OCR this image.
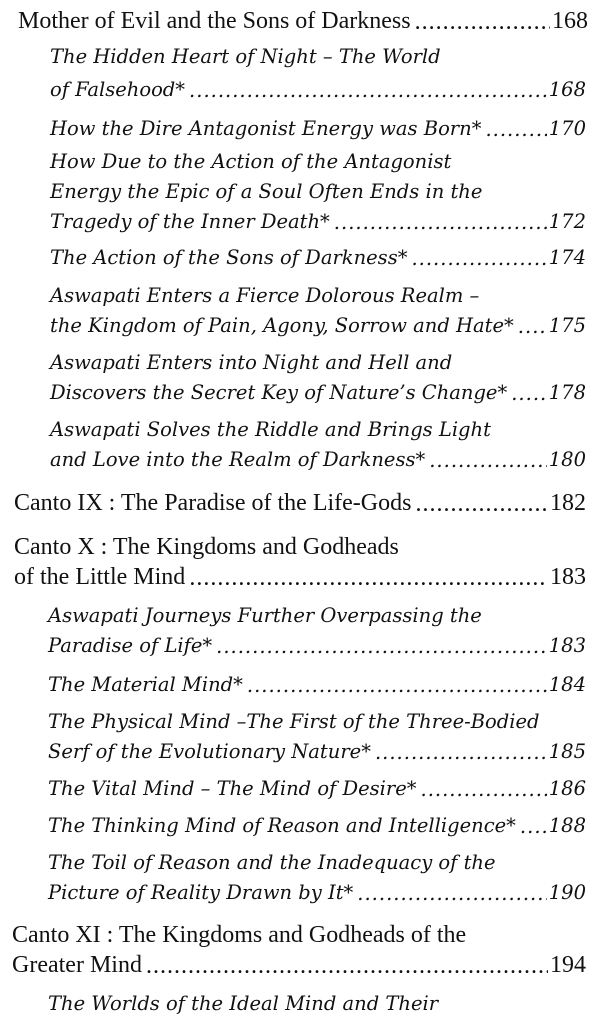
Mother of Evil and the Sons of Darkness .....	168
The Hidden Heart of Night – The World
of Falsehood* .....	168
How the Dire Antagonist Energy was Born* .....	170
How Due to the Action of the Antagonist
Energy the Epic of a Soul Often Ends in the
Tragedy of the Inner Death* .....	172
The Action of the Sons of Darkness* .....	174
Aswapati Enters a Fierce Dolorous Realm –
the Kingdom of Pain, Agony, Sorrow and Hate* ..... 175
Aswapati Enters into Night and Hell and
Discovers the Secret Key of Nature’s Change* ..... 178
Aswapati Solves the Riddle and Brings Light
and Love into the Realm of Darkness* .....	180
Canto IX : The Paradise of the Life-Gods .....	182
Canto X : The Kingdoms and Godheads
of the Little Mind .....	183
Aswapati Journeys Further Overpassing the
Paradise of Life* .....	183
The Material Mind* .....	184
The Physical Mind –The First of the Three-Bodied
Serf of the Evolutionary Nature* .....	185
The Vital Mind – The Mind of Desire* .....	186
The Thinking Mind of Reason and Intelligence* ..... 188
The Toil of Reason and the Inadequacy of the
Picture of Reality Drawn by It* .....	190
Canto XI : The Kingdoms and Godheads of the
Greater Mind .....	194
The Worlds of the Ideal Mind and Their
